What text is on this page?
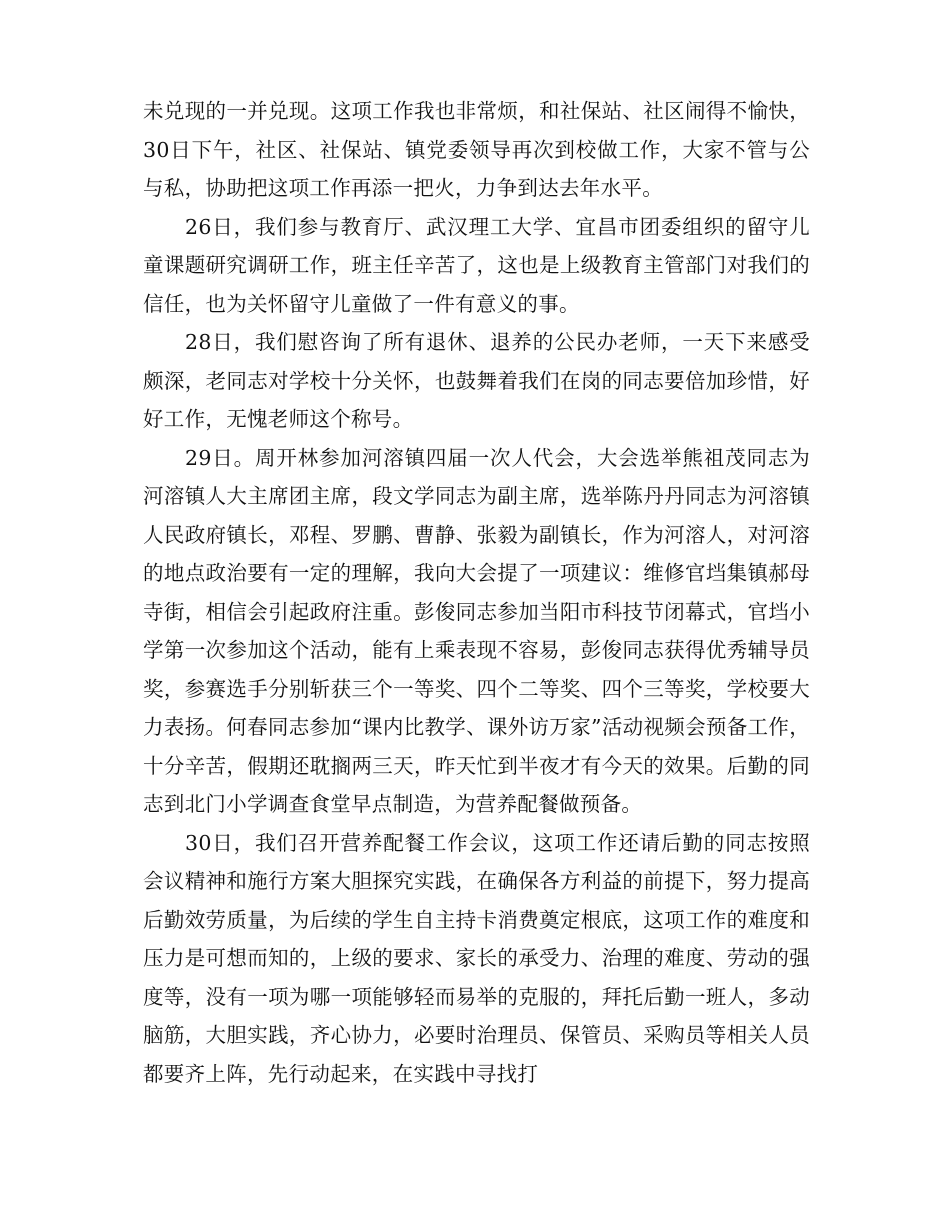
未兑现的一并兑现。这项工作我也非常烦，和社保站、社区闹得不愉快，30日下午，社区、社保站、镇党委领导再次到校做工作，大家不管与公与私，协助把这项工作再添一把火，力争到达去年水平。

26日，我们参与教育厅、武汉理工大学、宜昌市团委组织的留守儿童课题研究调研工作，班主任辛苦了，这也是上级教育主管部门对我们的信任，也为关怀留守儿童做了一件有意义的事。

28日，我们慰咨询了所有退休、退养的公民办老师，一天下来感受颇深，老同志对学校十分关怀，也鼓舞着我们在岗的同志要倍加珍惜，好好工作，无愧老师这个称号。

29日。周开林参加河溶镇四届一次人代会，大会选举熊祖茂同志为河溶镇人大主席团主席，段文学同志为副主席，选举陈丹丹同志为河溶镇人民政府镇长，邓程、罗鹏、曹静、张毅为副镇长，作为河溶人，对河溶的地点政治要有一定的理解，我向大会提了一项建议：维修官垱集镇郝母寺街，相信会引起政府注重。彭俊同志参加当阳市科技节闭幕式，官垱小学第一次参加这个活动，能有上乘表现不容易，彭俊同志获得优秀辅导员奖，参赛选手分别斩获三个一等奖、四个二等奖、四个三等奖，学校要大力表扬。何春同志参加“课内比教学、课外访万家”活动视频会预备工作，十分辛苦，假期还耽搁两三天，昨天忙到半夜才有今天的效果。后勤的同志到北门小学调查食堂早点制造，为营养配餐做预备。

30日，我们召开营养配餐工作会议，这项工作还请后勤的同志按照会议精神和施行方案大胆探究实践，在确保各方利益的前提下，努力提高后勤效劳质量，为后续的学生自主持卡消费奠定根底，这项工作的难度和压力是可想而知的，上级的要求、家长的承受力、治理的难度、劳动的强度等，没有一项为哪一项能够轻而易举的克服的，拜托后勤一班人，多动脑筋，大胆实践，齐心协力，必要时治理员、保管员、采购员等相关人员都要齐上阵，先行动起来，在实践中寻找打
